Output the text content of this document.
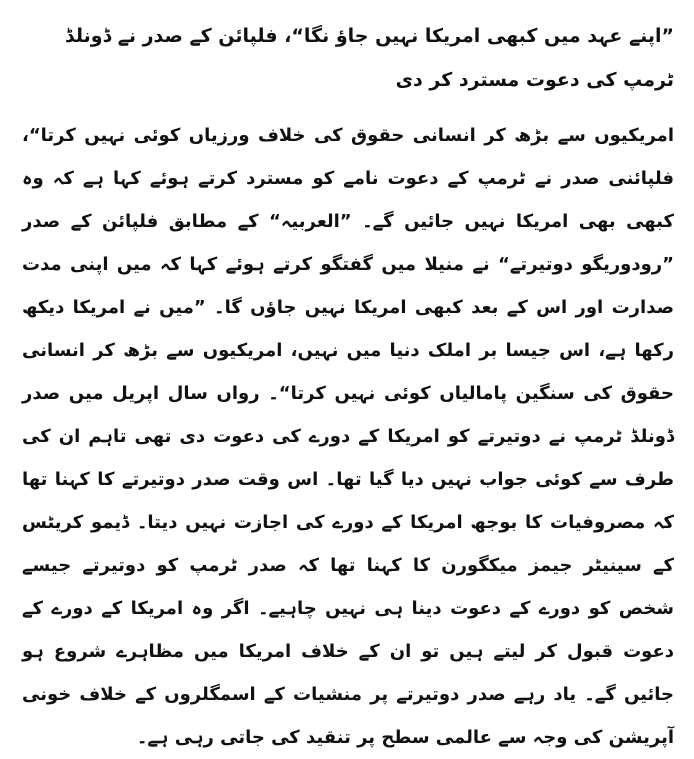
”اپنے عہد میں کبھی امریکا نہیں جاؤ نگا“، فلپائن کے صدر نے ڈونلڈ ٹرمپ کی دعوت مسترد کر دی

امریکیوں سے بڑھ کر انسانی حقوق کی خلاف ورزیاں کوئی نہیں کرتا“، فلپائنی صدر نے ٹرمپ کے دعوت نامے کو مسترد کرتے ہوئے کہا ہے کہ وہ کبھی بھی امریکا نہیں جائیں گے۔ ”العربیہ“ کے مطابق فلپائن کے صدر ”رودوریگو دوتیرتے“ نے منیلا میں گفتگو کرتے ہوئے کہا کہ میں اپنی مدت صدارت اور اس کے بعد کبھی امریکا نہیں جاؤں گا۔ ”میں نے امریکا دیکھ رکھا ہے، اس جیسا بر املک دنیا میں نہیں، امریکیوں سے بڑھ کر انسانی حقوق کی سنگین پامالیاں کوئی نہیں کرتا“۔ رواں سال اپریل میں صدر ڈونلڈ ٹرمپ نے دوتیرتے کو امریکا کے دورے کی دعوت دی تھی تاہم ان کی طرف سے کوئی جواب نہیں دیا گیا تھا۔ اس وقت صدر دوتیرتے کا کہنا تھا کہ مصروفیات کا بوجھ امریکا کے دورے کی اجازت نہیں دیتا۔ ڈیمو کریٹس کے سینیٹر جیمز میکگورن کا کہنا تھا کہ صدر ٹرمپ کو دوتیرتے جیسے شخص کو دورے کے دعوت دینا ہی نہیں چاہیے۔ اگر وہ امریکا کے دورے کے دعوت قبول کر لیتے ہیں تو ان کے خلاف امریکا میں مظاہرے شروع ہو جائیں گے۔ یاد رہے صدر دوتیرتے پر منشیات کے اسمگلروں کے خلاف خونی آپریشن کی وجہ سے عالمی سطح پر تنقید کی جاتی رہی ہے۔
